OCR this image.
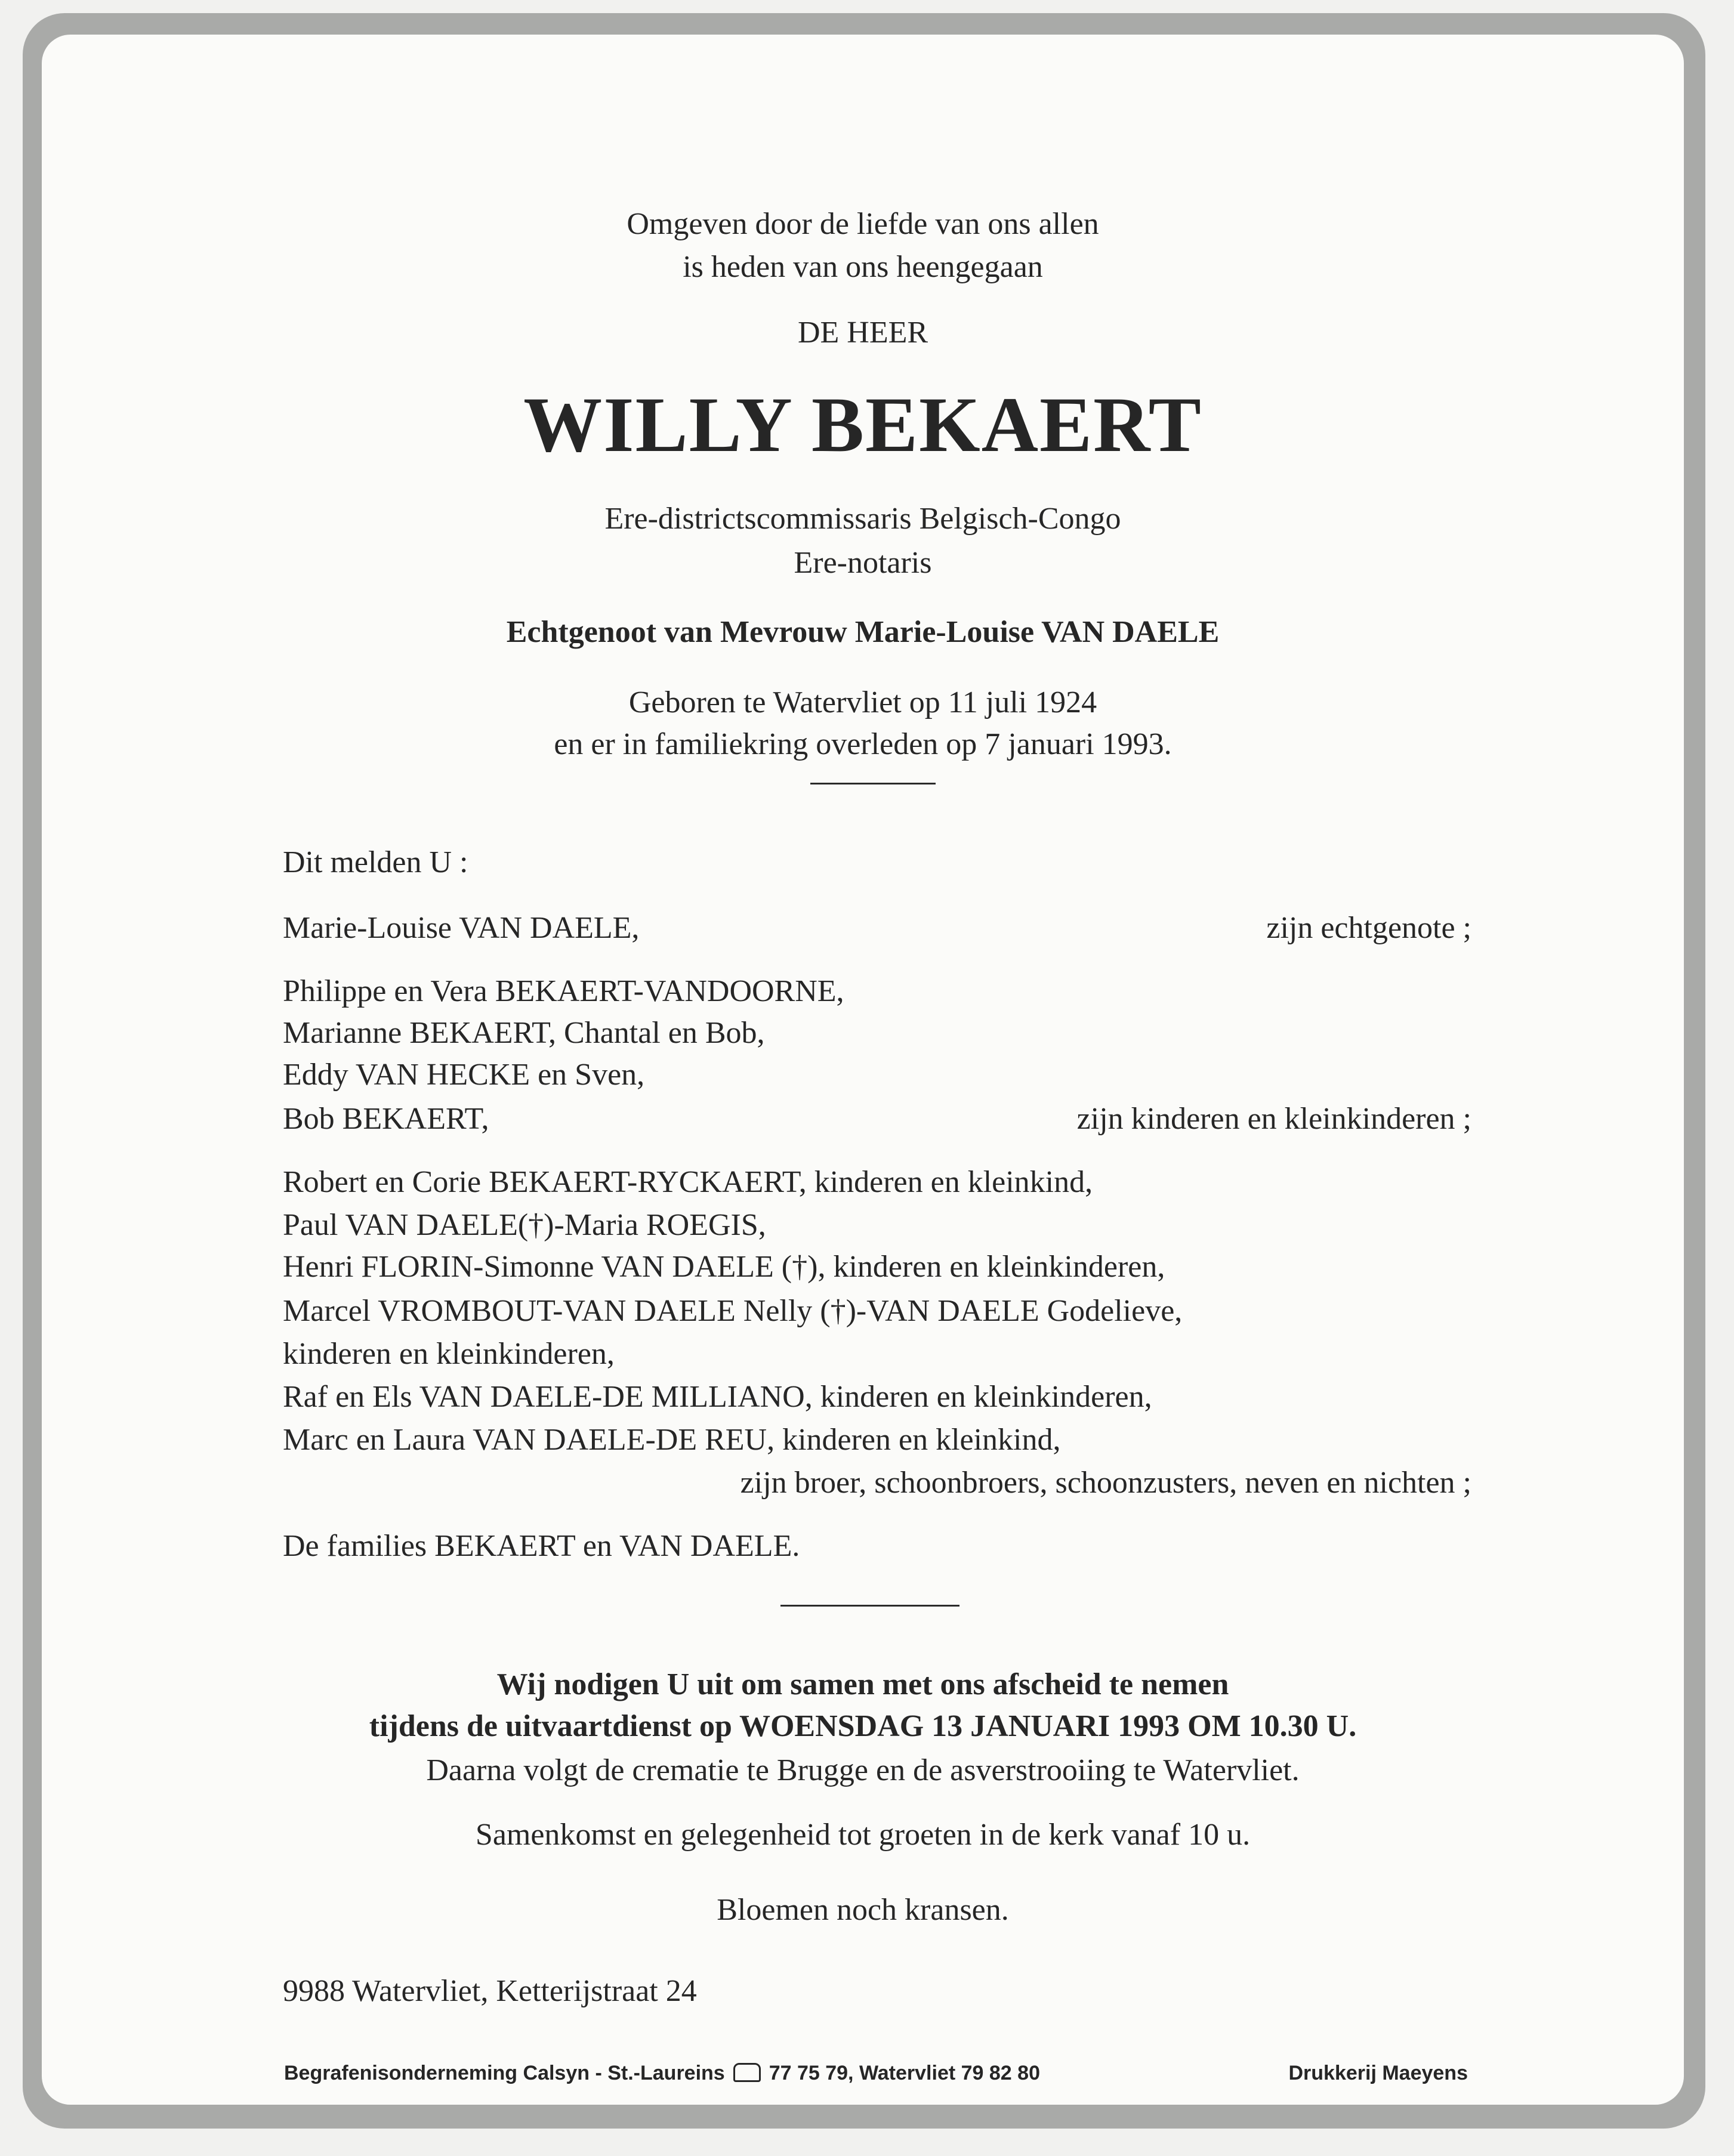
Omgeven door de liefde van ons allen
is heden van ons heengegaan
DE HEER
WILLY BEKAERT
Ere-districtscommissaris Belgisch-Congo
Ere-notaris
Echtgenoot van Mevrouw Marie-Louise VAN DAELE
Geboren te Watervliet op 11 juli 1924
en er in familiekring overleden op 7 januari 1993.
Dit melden U :
Marie-Louise VAN DAELE,	zijn echtgenote ;
Philippe en Vera BEKAERT-VANDOORNE,
Marianne BEKAERT, Chantal en Bob,
Eddy VAN HECKE en Sven,
Bob BEKAERT,	zijn kinderen en kleinkinderen ;
Robert en Corie BEKAERT-RYCKAERT, kinderen en kleinkind,
Paul VAN DAELE(†)-Maria ROEGIS,
Henri FLORIN-Simonne VAN DAELE (†), kinderen en kleinkinderen,
Marcel VROMBOUT-VAN DAELE Nelly (†)-VAN DAELE Godelieve,
kinderen en kleinkinderen,
Raf en Els VAN DAELE-DE MILLIANO, kinderen en kleinkinderen,
Marc en Laura VAN DAELE-DE REU, kinderen en kleinkind,
zijn broer, schoonbroers, schoonzusters, neven en nichten ;
De families BEKAERT en VAN DAELE.
Wij nodigen U uit om samen met ons afscheid te nemen
tijdens de uitvaartdienst op WOENSDAG 13 JANUARI 1993 OM 10.30 U.
Daarna volgt de crematie te Brugge en de asverstrooiing te Watervliet.
Samenkomst en gelegenheid tot groeten in de kerk vanaf 10 u.
Bloemen noch kransen.
9988 Watervliet, Ketterijstraat 24
Begrafenisonderneming Calsyn - St.-Laureins 77 75 79, Watervliet 79 82 80	Drukkerij Maeyens
